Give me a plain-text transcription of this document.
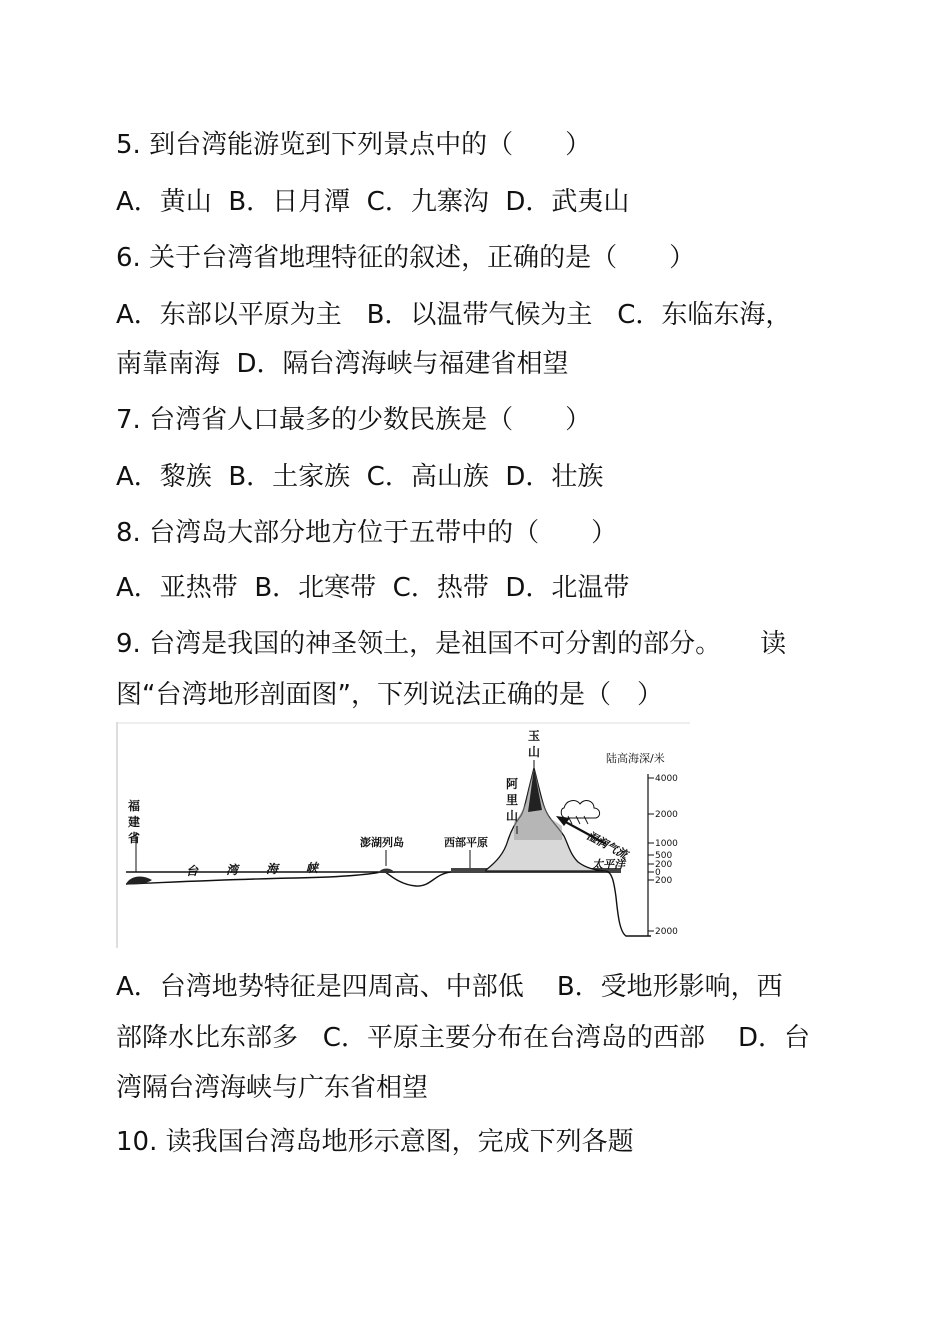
5. 到台湾能游览到下列景点中的（　　）
A．黄山  B．日月潭  C．九寨沟  D．武夷山
6. 关于台湾省地理特征的叙述，正确的是（　　）
A．东部以平原为主   B．以温带气候为主   C．东临东海，
南靠南海  D．隔台湾海峡与福建省相望
7. 台湾省人口最多的少数民族是（　　）
A．黎族  B．土家族  C．高山族  D．壮族
8. 台湾岛大部分地方位于五带中的（　　）
A．亚热带  B．北寒带  C．热带  D．北温带
9. 台湾是我国的神圣领土，是祖国不可分割的部分。　　读
图“台湾地形剖面图”，下列说法正确的是（　）
4000
2000
1000
500
200
0
200
2000
福
建
省
台 湾 海 峡
澎湖列岛	西部平原
阿
里
山
玉
山
湿润气流
太平洋
陆高海深/米
A．台湾地势特征是四周高、中部低    B．受地形影响，西
部降水比东部多   C．平原主要分布在台湾岛的西部    D．台
湾隔台湾海峡与广东省相望
10. 读我国台湾岛地形示意图，完成下列各题
